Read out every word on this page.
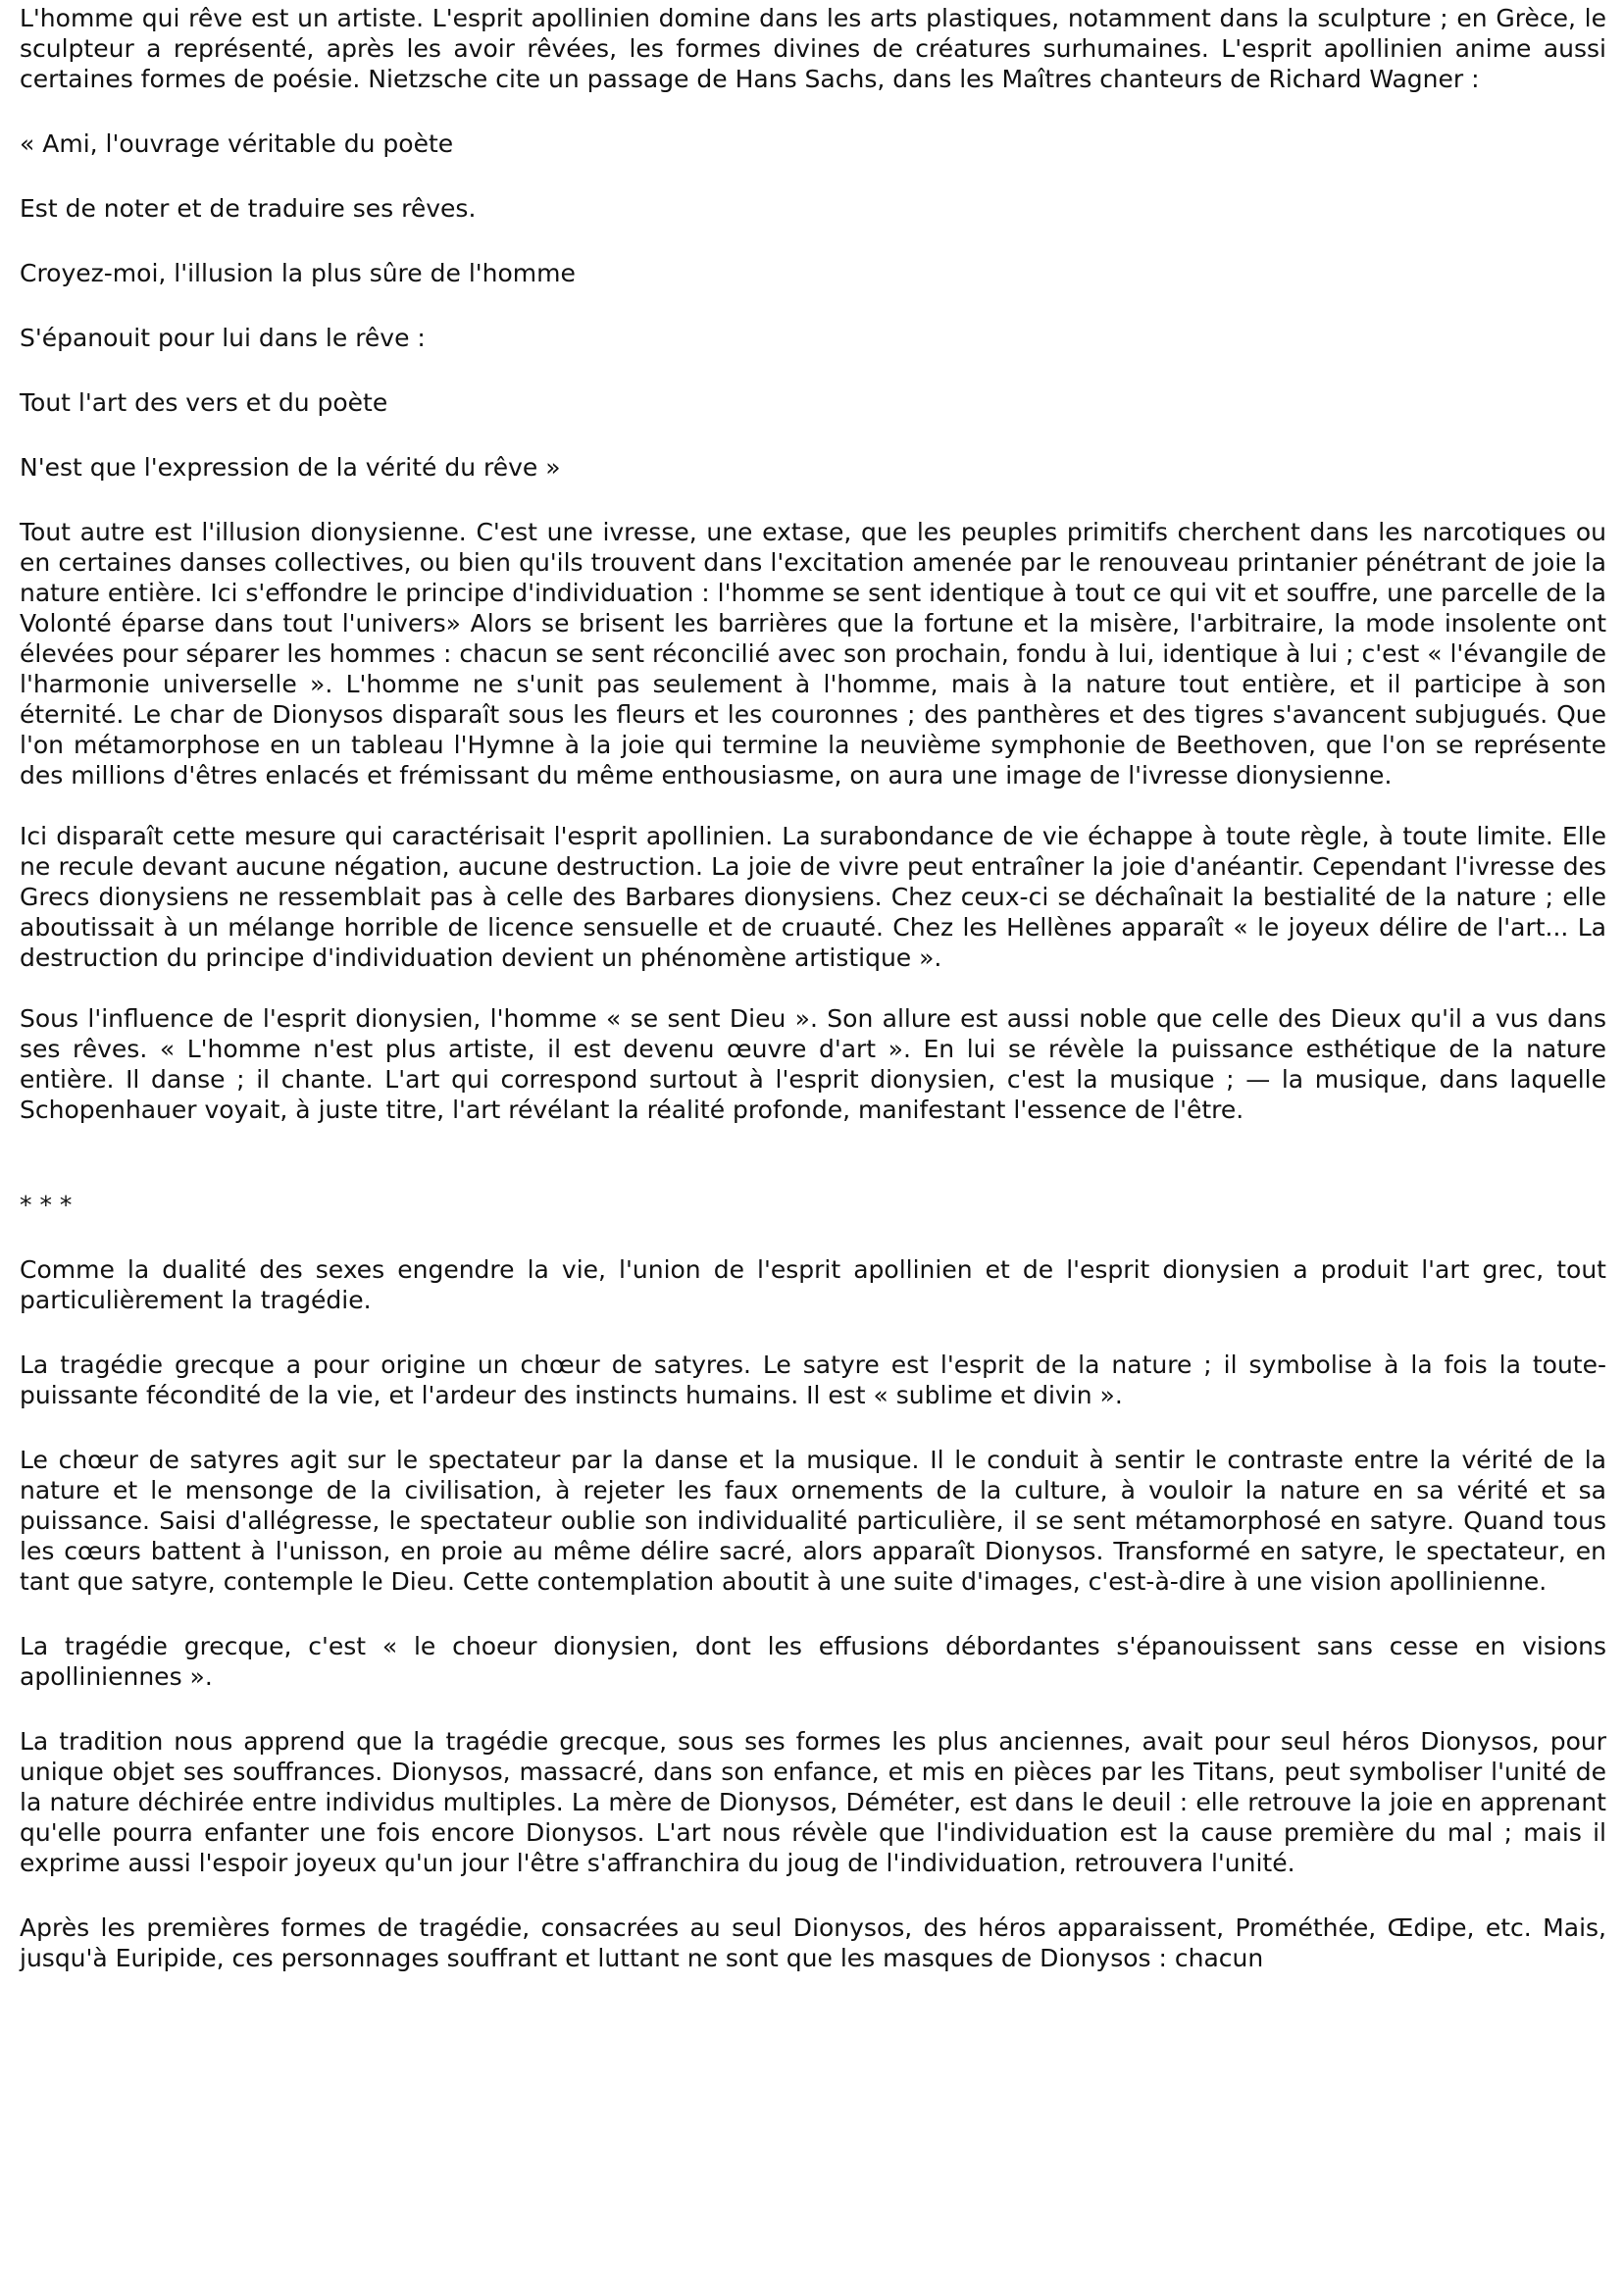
L'homme qui rêve est un artiste. L'esprit apollinien domine dans les arts plastiques, notamment dans la sculpture ; en Grèce, le sculpteur a représenté, après les avoir rêvées, les formes divines de créatures surhumaines. L'esprit apollinien anime aussi certaines formes de poésie. Nietzsche cite un passage de Hans Sachs, dans les Maîtres chanteurs de Richard Wagner :

« Ami, l'ouvrage véritable du poète

Est de noter et de traduire ses rêves.

Croyez-moi, l'illusion la plus sûre de l'homme

S'épanouit pour lui dans le rêve :

Tout l'art des vers et du poète

N'est que l'expression de la vérité du rêve »

Tout autre est l'illusion dionysienne. C'est une ivresse, une extase, que les peuples primitifs cherchent dans les narcotiques ou en certaines danses collectives, ou bien qu'ils trouvent dans l'excitation amenée par le renouveau printanier pénétrant de joie la nature entière. Ici s'effondre le principe d'individuation : l'homme se sent identique à tout ce qui vit et souffre, une parcelle de la Volonté éparse dans tout l'univers» Alors se brisent les barrières que la fortune et la misère, l'arbitraire, la mode insolente ont élevées pour séparer les hommes : chacun se sent réconcilié avec son prochain, fondu à lui, identique à lui ; c'est « l'évangile de l'harmonie universelle ». L'homme ne s'unit pas seulement à l'homme, mais à la nature tout entière, et il participe à son éternité. Le char de Dionysos disparaît sous les fleurs et les couronnes ; des panthères et des tigres s'avancent subjugués. Que l'on métamorphose en un tableau l'Hymne à la joie qui termine la neuvième symphonie de Beethoven, que l'on se représente des millions d'êtres enlacés et frémissant du même enthousiasme, on aura une image de l'ivresse dionysienne.

Ici disparaît cette mesure qui caractérisait l'esprit apollinien. La surabondance de vie échappe à toute règle, à toute limite. Elle ne recule devant aucune négation, aucune destruction. La joie de vivre peut entraîner la joie d'anéantir. Cependant l'ivresse des Grecs dionysiens ne ressemblait pas à celle des Barbares dionysiens. Chez ceux-ci se déchaînait la bestialité de la nature ; elle aboutissait à un mélange horrible de licence sensuelle et de cruauté. Chez les Hellènes apparaît « le joyeux délire de l'art... La destruction du principe d'individuation devient un phénomène artistique ».

Sous l'influence de l'esprit dionysien, l'homme « se sent Dieu ». Son allure est aussi noble que celle des Dieux qu'il a vus dans ses rêves. « L'homme n'est plus artiste, il est devenu œuvre d'art ». En lui se révèle la puissance esthétique de la nature entière. Il danse ; il chante. L'art qui correspond surtout à l'esprit dionysien, c'est la musique ; — la musique, dans laquelle Schopenhauer voyait, à juste titre, l'art révélant la réalité profonde, manifestant l'essence de l'être.

* * *

Comme la dualité des sexes engendre la vie, l'union de l'esprit apollinien et de l'esprit dionysien a produit l'art grec, tout particulièrement la tragédie.

La tragédie grecque a pour origine un chœur de satyres. Le satyre est l'esprit de la nature ; il symbolise à la fois la toute-puissante fécondité de la vie, et l'ardeur des instincts humains. Il est « sublime et divin ».

Le chœur de satyres agit sur le spectateur par la danse et la musique. Il le conduit à sentir le contraste entre la vérité de la nature et le mensonge de la civilisation, à rejeter les faux ornements de la culture, à vouloir la nature en sa vérité et sa puissance. Saisi d'allégresse, le spectateur oublie son individualité particulière, il se sent métamorphosé en satyre. Quand tous les cœurs battent à l'unisson, en proie au même délire sacré, alors apparaît Dionysos. Transformé en satyre, le spectateur, en tant que satyre, contemple le Dieu. Cette contemplation aboutit à une suite d'images, c'est-à-dire à une vision apollinienne.

La tragédie grecque, c'est « le choeur dionysien, dont les effusions débordantes s'épanouissent sans cesse en visions apolliniennes ».

La tradition nous apprend que la tragédie grecque, sous ses formes les plus anciennes, avait pour seul héros Dionysos, pour unique objet ses souffrances. Dionysos, massacré, dans son enfance, et mis en pièces par les Titans, peut symboliser l'unité de la nature déchirée entre individus multiples. La mère de Dionysos, Déméter, est dans le deuil : elle retrouve la joie en apprenant qu'elle pourra enfanter une fois encore Dionysos. L'art nous révèle que l'individuation est la cause première du mal ; mais il exprime aussi l'espoir joyeux qu'un jour l'être s'affranchira du joug de l'individuation, retrouvera l'unité.

Après les premières formes de tragédie, consacrées au seul Dionysos, des héros apparaissent, Prométhée, Œdipe, etc. Mais, jusqu'à Euripide, ces personnages souffrant et luttant ne sont que les masques de Dionysos : chacun
